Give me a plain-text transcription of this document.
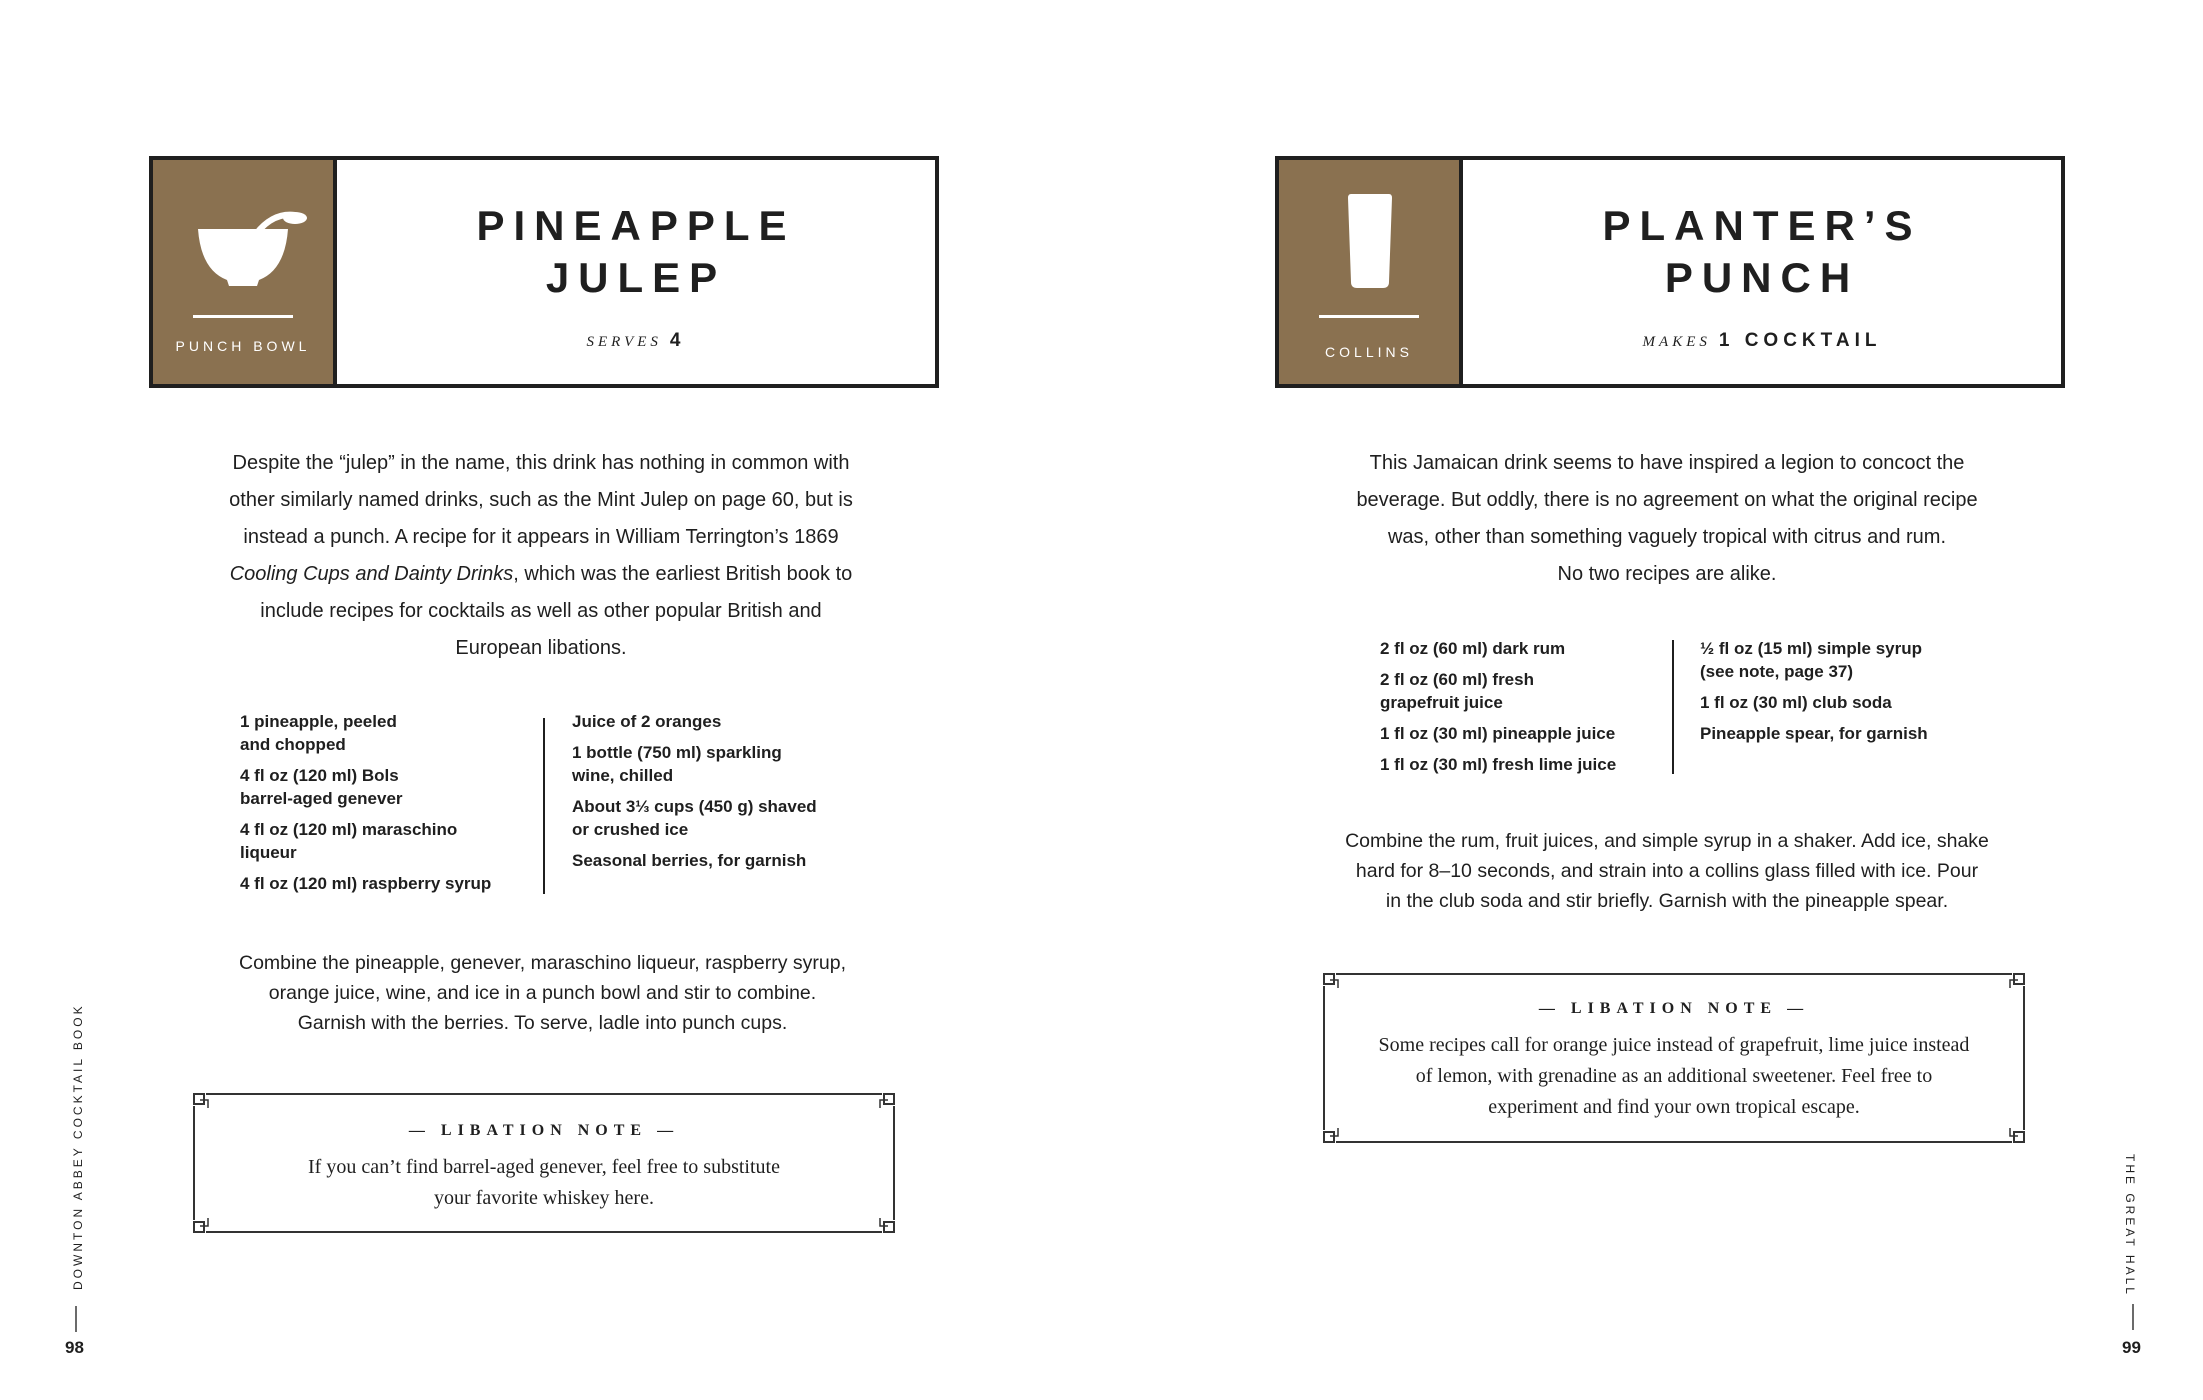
PUNCH BOWL
PINEAPPLE
JULEP
SERVES 4
Despite the “julep” in the name, this drink has nothing in common with
other similarly named drinks, such as the Mint Julep on page 60, but is
instead a punch. A recipe for it appears in William Terrington’s 1869
Cooling Cups and Dainty Drinks, which was the earliest British book to
include recipes for cocktails as well as other popular British and
European libations.
1 pineapple, peeled
and chopped
4 fl oz (120 ml) Bols
barrel-aged genever
4 fl oz (120 ml) maraschino
liqueur
4 fl oz (120 ml) raspberry syrup
Juice of 2 oranges
1 bottle (750 ml) sparkling
wine, chilled
About 3⅓ cups (450 g) shaved
or crushed ice
Seasonal berries, for garnish
Combine the pineapple, genever, maraschino liqueur, raspberry syrup,
orange juice, wine, and ice in a punch bowl and stir to combine.
Garnish with the berries. To serve, ladle into punch cups.
— LIBATION NOTE —
If you can’t find barrel-aged genever, feel free to substitute
your favorite whiskey here.
DOWNTON ABBEY COCKTAIL BOOK
98
COLLINS
PLANTER’S
PUNCH
MAKES 1 COCKTAIL
This Jamaican drink seems to have inspired a legion to concoct the
beverage. But oddly, there is no agreement on what the original recipe
was, other than something vaguely tropical with citrus and rum.
No two recipes are alike.
2 fl oz (60 ml) dark rum
2 fl oz (60 ml) fresh
grapefruit juice
1 fl oz (30 ml) pineapple juice
1 fl oz (30 ml) fresh lime juice
½ fl oz (15 ml) simple syrup
(see note, page 37)
1 fl oz (30 ml) club soda
Pineapple spear, for garnish
Combine the rum, fruit juices, and simple syrup in a shaker. Add ice, shake
hard for 8–10 seconds, and strain into a collins glass filled with ice. Pour
in the club soda and stir briefly. Garnish with the pineapple spear.
— LIBATION NOTE —
Some recipes call for orange juice instead of grapefruit, lime juice instead
of lemon, with grenadine as an additional sweetener. Feel free to
experiment and find your own tropical escape.
THE GREAT HALL
99
